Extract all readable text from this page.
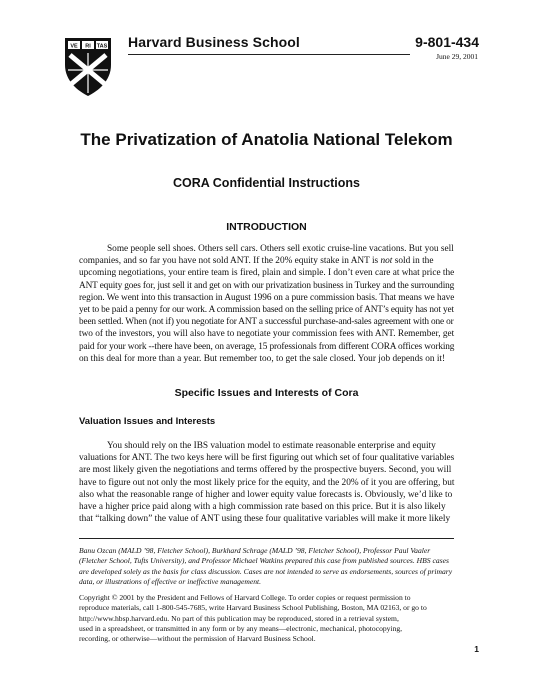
VE RI TAS Harvard Business School	9-801-434
June 29, 2001
The Privatization of Anatolia National Telekom
CORA Confidential Instructions
INTRODUCTION
Some people sell shoes. Others sell cars. Others sell exotic cruise-line vacations. But you sell
companies, and so far you have not sold ANT. If the 20% equity stake in ANT is not sold in the
upcoming negotiations, your entire team is fired, plain and simple. I don’t even care at what price the
ANT equity goes for, just sell it and get on with our privatization business in Turkey and the surrounding
region. We went into this transaction in August 1996 on a pure commission basis. That means we have
yet to be paid a penny for our work. A commission based on the selling price of ANT’s equity has not yet
been settled. When (not if) you negotiate for ANT a successful purchase-and-sales agreement with one or
two of the investors, you will also have to negotiate your commission fees with ANT. Remember, get
paid for your work --there have been, on average, 15 professionals from different CORA offices working
on this deal for more than a year. But remember too, to get the sale closed. Your job depends on it!
Specific Issues and Interests of Cora
Valuation Issues and Interests
You should rely on the IBS valuation model to estimate reasonable enterprise and equity
valuations for ANT. The two keys here will be first figuring out which set of four qualitative variables
are most likely given the negotiations and terms offered by the prospective buyers. Second, you will
have to figure out not only the most likely price for the equity, and the 20% of it you are offering, but
also what the reasonable range of higher and lower equity value forecasts is. Obviously, we’d like to
have a higher price paid along with a high commission rate based on this price. But it is also likely
that “talking down” the value of ANT using these four qualitative variables will make it more likely
Banu Ozcan (MALD ’98, Fletcher School), Burkhard Schrage (MALD ’98, Fletcher School), Professor Paul Vaaler
(Fletcher School, Tufts University), and Professor Michael Watkins prepared this case from published sources. HBS cases
are developed solely as the basis for class discussion. Cases are not intended to serve as endorsements, sources of primary
data, or illustrations of effective or ineffective management.
Copyright © 2001 by the President and Fellows of Harvard College. To order copies or request permission to
reproduce materials, call 1-800-545-7685, write Harvard Business School Publishing, Boston, MA 02163, or go to
http://www.hbsp.harvard.edu. No part of this publication may be reproduced, stored in a retrieval system,
used in a spreadsheet, or transmitted in any form or by any means—electronic, mechanical, photocopying,
recording, or otherwise—without the permission of Harvard Business School.
1
